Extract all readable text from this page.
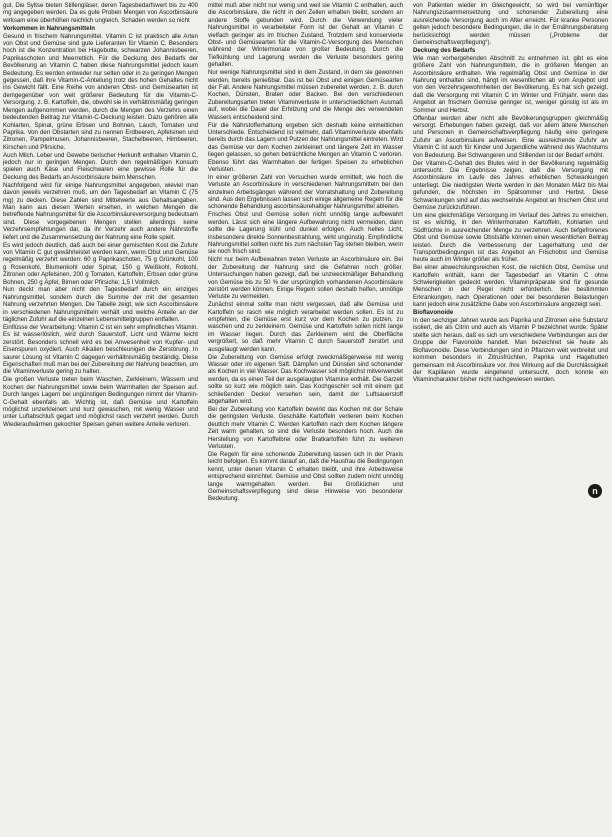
gut. Die Syltse bieten Stillengläser, deren Tagesbedarfswert bis zu 400 mg angegeben werden. Da es gute Proben Mengen von Ascorbinsäure wirksam eine überhöhen reichlich ungleich. Schaden werden so nicht

Vorkommen in Nahrungsmitteln

Gesund in frischem Nahrungsmittel. Vitamin C ist praktisch alle Arten von Obst und Gemüse sind gute Lieferanten für Vitamin C. Besonders hoch ist die Konzentration bei Hagebutte, schwarzen Johannisbeeren, Paprikaschoten und Meerrettich. Für die Deckung des Bedarfs der Bevölkerung an Vitamin C haben diese Nahrungsmittel jedoch kaum Bedeutung. Es werden entweder nur selten oder in zu geringen Mengen gegessen, daß ihre Vitamin-C-Anteilung trotz des hohen Gehaltes nicht ins Gewicht fällt. Eine Reihe von anderen Obst- und Gemüsearten ist demgegenüber von weit größerer Bedeutung für die Vitamin-C-Versorgung, z. B. Kartoffeln, die, obwohl sie in verhältnismäßig geringen Mengen aufgenommen werden, durch die Mengen des Verzehrs einen bedeutenden Beitrag zur Vitamin-C-Deckung leisten. Dazu gehören alle Kohlarten, Spinat, grüne Erbsen und Bohnen, Lauch, Tomaten und Paprika. Von den Obstarten sind zu nennen Erdbeeren, Apfelsinen und Zitronen, Pampelmusen, Johannisbeeren, Stachelbeeren, Himbeeren, Kirschen und Pfirsiche.

Auch Milch, Leber und Gewebe tierischer Herkunft enthalten Vitamin C, jedoch nur in geringen Mengen. Durch den regelmäßigen Konsum spielen auch Käse und Fleischwaren eine gewisse Rolle für die Deckung des Bedarfs an Ascorbinsäure beim Menschen.

Nachfolgend wird für einige Nahrungsmittel angegeben, wieviel man davon jeweils verzehren muß, um den Tagesbedarf an Vitamin C (75 mg) zu decken. Diese Zahlen sind Mittelwerte aus Gehaltsangaben. Man kann aus diesen Werten ersehen, in welchen Mengen die betreffende Nahrungsmittel für die Ascorbinsäureversorgung bedeutsam sind. Diese vorgegebenen Mengen stellen allerdings keine Verzehrsempfehlungen dar, da ihr Verzehr auch andere Nährstoffe liefert und die Zusammensetzung der Nahrung eine Rolle spielt.

Es wird jedoch deutlich, daß auch bei einer gemischten Kost die Zufuhr von Vitamin C gut gewährleistet werden kann, wenn Obst und Gemüse regelmäßig verzehrt werden: 60 g Paprikaschoten, 75 g Grünkohl, 100 g Rosenkohl, Blumenkohl oder Spinat, 150 g Weißkohl, Rotkohl, Zitronen oder Apfelsinen, 200 g Tomaten, Kartoffeln, Erbsen oder grüne Bohnen, 250 g Äpfel, Birnen oder Pfirsiche; 1,5 l Vollmilch.

Nun deckt man aber nicht den Tagesbedarf durch ein einziges Nahrungsmittel, sondern durch die Summe der mit der gesamten Nahrung verzehrten Mengen. Die Tabelle zeigt, wie sich Ascorbinsäure in verschiedenen Nahrungsmitteln verhält und welche Anteile an der täglichen Zufuhr auf die einzelnen Lebensmittelgruppen entfallen.

Einflüsse der Verarbeitung: Vitamin C ist ein sehr empfindliches Vitamin. Es ist wasserlöslich, wird durch Sauerstoff, Licht und Wärme leicht zerstört. Besonders schnell wird es bei Anwesenheit von Kupfer- und Eisenspuren oxydiert. Auch Alkalien beschleunigen die Zerstörung. In saurer Lösung ist Vitamin C dagegen verhältnismäßig beständig. Diese Eigenschaften muß man bei der Zubereitung der Nahrung beachten, um die Vitaminverluste gering zu halten.

Die großen Verluste treten beim Waschen, Zerkleinern, Wässern und Kochen der Nahrungsmittel sowie beim Warmhalten der Speisen auf. Durch langes Lagern bei ungünstigen Bedingungen nimmt der Vitamin-C-Gehalt ebenfalls ab. Wichtig ist, daß Gemüse und Kartoffeln möglichst unzerkleinert und kurz gewaschen, mit wenig Wasser und unter Luftabschluß gegart und möglichst rasch verzehrt werden. Durch Wiederaufwärmen gekochter Speisen gehen weitere Anteile verloren.

mittel muß aber nicht nur wenig und weil sie Vitamin C enthalten, auch die Ascorbinsäure, die nicht in den Zellen erhalten bleibt, sondern an andere Stoffe gebunden wird. Durch die Verwendung vieler Nahrungsmittel in verarbeiteter Form ist der Gehalt an Vitamin C vielfach geringer als im frischen Zustand. Trotzdem sind konservierte Obst- und Gemüsearten für die Vitamin-C-Versorgung des Menschen während der Wintermonate von großer Bedeutung. Durch die Tiefkühlung und Lagerung werden die Verluste besonders gering gehalten.

Nur wenige Nahrungsmittel sind in dem Zustand, in dem sie gewonnen werden, bereits genießbar. Das ist bei Obst und einigen Gemüsearten der Fall. Andere Nahrungsmittel müssen zubereitet werden, z. B. durch Kochen, Dünsten, Braten oder Backen. Bei den verschiedenen Zubereitungsarten treten Vitaminverluste in unterschiedlichem Ausmaß auf, wobei die Dauer der Erhitzung und die Menge des verwendeten Wassers entscheidend sind.

Für die Nährstofferhaltung ergeben sich deshalb keine einheitlichen Unterschiede. Entscheidend ist vielmehr, daß Vitaminverluste ebenfalls bereits durch das Lagern und Putzen der Nahrungsmittel eintreten. Wird das Gemüse vor dem Kochen zerkleinert und längere Zeit im Wasser liegen gelassen, so gehen beträchtliche Mengen an Vitamin C verloren. Ebenso führt das Warmhalten der fertigen Speisen zu erheblichen Verlusten.

In einer größeren Zahl von Versuchen wurde ermittelt, wie hoch die Verluste an Ascorbinsäure in verschiedenen Nahrungsmitteln bei den einzelnen Arbeitsgängen während der Vorratshaltung und Zubereitung sind. Aus den Ergebnissen lassen sich einige allgemeine Regeln für die schonende Behandlung ascorbinsäurehaltiger Nahrungsmittel ableiten.

Frisches Obst und Gemüse sollen nicht unnötig lange aufbewahrt werden. Lässt sich eine längere Aufbewahrung nicht vermeiden, dann sollte die Lagerung kühl und dunkel erfolgen. Auch helles Licht, insbesondere direkte Sonnenbestrahlung, wirkt ungünstig. Empfindliche Nahrungsmittel sollten nicht bis zum nächsten Tag stehen bleiben, wenn sie noch frisch sind.

Nicht nur beim Aufbewahren treten Verluste an Ascorbinsäure ein. Bei der Zubereitung der Nahrung sind die Gefahren noch größer. Untersuchungen haben gezeigt, daß bei unzweckmäßiger Behandlung von Gemüse bis zu 50 % der ursprünglich vorhandenen Ascorbinsäure zerstört werden können. Einige Regeln sollen deshalb helfen, unnötige Verluste zu vermeiden.

Zunächst einmal sollte man nicht vergessen, daß alle Gemüse und Kartoffeln so rasch wie möglich verarbeitet werden sollen. Es ist zu empfehlen, die Gemüse erst kurz vor dem Kochen zu putzen, zu waschen und zu zerkleinern. Gemüse und Kartoffeln sollen nicht lange im Wasser liegen. Durch das Zerkleinern wird die Oberfläche vergrößert, so daß mehr Vitamin C durch Sauerstoff zerstört und ausgelaugt werden kann.

Die Zubereitung von Gemüse erfolgt zweckmäßigerweise mit wenig Wasser oder im eigenen Saft. Dämpfen und Dünsten sind schonender als Kochen in viel Wasser. Das Kochwasser soll möglichst mitverwendet werden, da es einen Teil der ausgelaugten Vitamine enthält. Die Garzeit sollte so kurz wie möglich sein. Das Kochgeschirr soll mit einem gut schließenden Deckel versehen sein, damit der Luftsauerstoff abgehalten wird.

Bei der Zubereitung von Kartoffeln bewirkt das Kochen mit der Schale die geringsten Verluste. Geschälte Kartoffeln verlieren beim Kochen deutlich mehr Vitamin C. Werden Kartoffeln nach dem Kochen längere Zeit warm gehalten, so sind die Verluste besonders hoch. Auch die Herstellung von Kartoffelbrei oder Bratkartoffeln führt zu weiteren Verlusten.

Die Regeln für eine schonende Zubereitung lassen sich in der Praxis leicht befolgen. Es kommt darauf an, daß die Hausfrau die Bedingungen kennt, unter denen Vitamin C erhalten bleibt, und ihre Arbeitsweise entsprechend einrichtet. Gemüse und Obst sollten zudem nicht unnötig lange warmgehalten werden. Bei Großküchen und Gemeinschaftsverpflegung sind diese Hinweise von besonderer Bedeutung.

von Patienten wieder im Gleichgewicht, so wird bei vernünftiger Nahrungszusammensetzung und schonender Zubereitung eine ausreichende Versorgung auch im Alter erreicht. Für kranke Personen gelten jedoch besondere Bedingungen, die in der Ernährungsberatung berücksichtigt werden müssen („Probleme der Gemeinschaftsverpflegung“).

Deckung des Bedarfs

Wie man vorhergehenden Abschnitt zu entnehmen ist, gibt es eine größere Zahl von Nahrungsmitteln, die in größeren Mengen an Ascorbinsäure enthalten. Wie regelmäßig Obst und Gemüse in der Nahrung enthalten sind, hängt im wesentlichen ab vom Angebot und von den Verzehrsgewohnheiten der Bevölkerung. Es hat sich gezeigt, daß die Versorgung mit Vitamin C im Winter und Frühjahr, wenn das Angebot an frischem Gemüse geringer ist, weniger günstig ist als im Sommer und Herbst.

Offenbar werden aber nicht alle Bevölkerungsgruppen gleichmäßig versorgt. Erhebungen haben gezeigt, daß vor allem ältere Menschen und Personen in Gemeinschaftsverpflegung häufig eine geringere Zufuhr an Ascorbinsäure aufweisen. Eine ausreichende Zufuhr an Vitamin C ist auch für Kinder und Jugendliche während des Wachstums von Bedeutung. Bei Schwangeren und Stillenden ist der Bedarf erhöht.

Der Vitamin-C-Gehalt des Blutes wird in der Bevölkerung regelmäßig untersucht. Die Ergebnisse zeigen, daß die Versorgung mit Ascorbinsäure im Laufe des Jahres erheblichen Schwankungen unterliegt. Die niedrigsten Werte werden in den Monaten März bis Mai gefunden, die höchsten im Spätsommer und Herbst. Diese Schwankungen sind auf das wechselnde Angebot an frischem Obst und Gemüse zurückzuführen.

Um eine gleichmäßige Versorgung im Verlauf des Jahres zu erreichen, ist es wichtig, in den Wintermonaten Kartoffeln, Kohlarten und Südfrüchte in ausreichender Menge zu verzehren. Auch tiefgefrorenes Obst und Gemüse sowie Obstsäfte können einen wesentlichen Beitrag leisten. Durch die Verbesserung der Lagerhaltung und der Transportbedingungen ist das Angebot an Frischobst und Gemüse heute auch im Winter größer als früher.

Bei einer abwechslungsreichen Kost, die reichlich Obst, Gemüse und Kartoffeln enthält, kann der Tagesbedarf an Vitamin C ohne Schwierigkeiten gedeckt werden. Vitaminpräparate sind für gesunde Menschen in der Regel nicht erforderlich. Bei bestimmten Erkrankungen, nach Operationen oder bei besonderen Belastungen kann jedoch eine zusätzliche Gabe von Ascorbinsäure angezeigt sein.

Bioflavonoide

In den sechziger Jahren wurde aus Paprika und Zitronen eine Substanz isoliert, die als Citrin und auch als Vitamin P bezeichnet wurde. Später stellte sich heraus, daß es sich um verschiedene Verbindungen aus der Gruppe der Flavonoide handelt. Man bezeichnet sie heute als Bioflavonoide. Diese Verbindungen sind in Pflanzen weit verbreitet und kommen besonders in Zitrusfrüchten, Paprika und Hagebutten gemeinsam mit Ascorbinsäure vor. Ihre Wirkung auf die Durchlässigkeit der Kapillaren wurde eingehend untersucht, doch konnte ein Vitamincharakter bisher nicht nachgewiesen werden.

n
